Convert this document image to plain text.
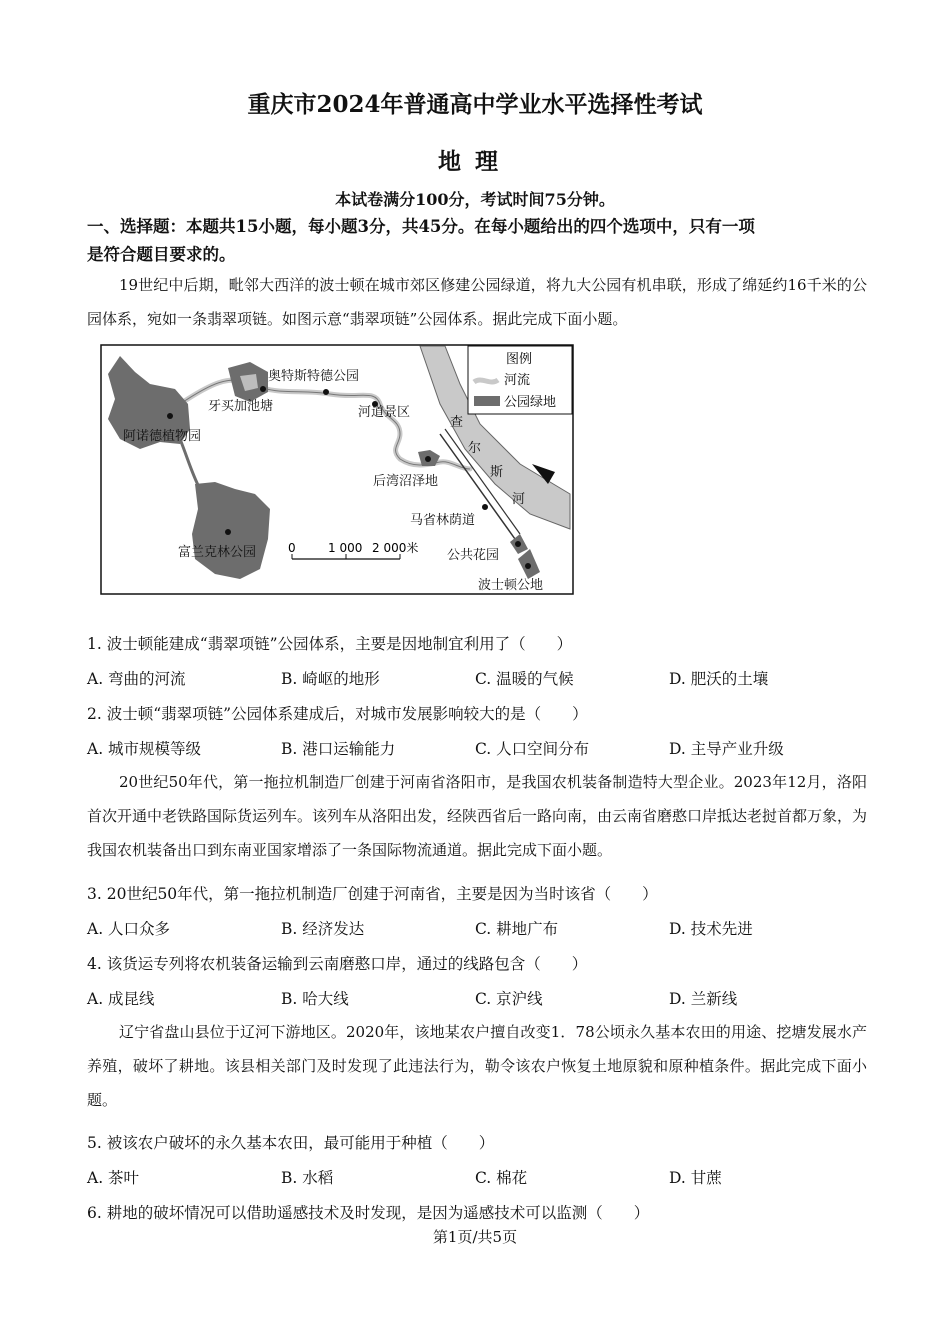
重庆市2024年普通高中学业水平选择性考试
地理
本试卷满分100分，考试时间75分钟。
一、选择题：本题共15小题，每小题3分，共45分。在每小题给出的四个选项中，只有一项
是符合题目要求的。
19世纪中后期，毗邻大西洋的波士顿在城市郊区修建公园绿道，将九大公园有机串联，形成了绵延约16千米的公园体系，宛如一条翡翠项链。如图示意“翡翠项链”公园体系。据此完成下面小题。
奥特斯特德公园
牙买加池塘
阿诺德植物园
河道景区
后湾沼泽地
富兰克林公园
马省林荫道
公共花园
波士顿公地
查
尔
斯
河
图例
河流
公园绿地
0	1 000 2 000米
1. 波士顿能建成“翡翠项链”公园体系，主要是因地制宜利用了（　　）
A. 弯曲的河流	B. 崎岖的地形	C. 温暖的气候	D. 肥沃的土壤
2. 波士顿“翡翠项链”公园体系建成后，对城市发展影响较大的是（　　）
A. 城市规模等级	B. 港口运输能力	C. 人口空间分布	D. 主导产业升级
20世纪50年代，第一拖拉机制造厂创建于河南省洛阳市，是我国农机装备制造特大型企业。2023年12月，洛阳首次开通中老铁路国际货运列车。该列车从洛阳出发，经陕西省后一路向南，由云南省磨憨口岸抵达老挝首都万象，为我国农机装备出口到东南亚国家增添了一条国际物流通道。据此完成下面小题。
3. 20世纪50年代，第一拖拉机制造厂创建于河南省，主要是因为当时该省（　　）
A. 人口众多	B. 经济发达	C. 耕地广布	D. 技术先进
4. 该货运专列将农机装备运输到云南磨憨口岸，通过的线路包含（　　）
A. 成昆线	B. 哈大线	C. 京沪线	D. 兰新线
辽宁省盘山县位于辽河下游地区。2020年，该地某农户擅自改变1．78公顷永久基本农田的用途、挖塘发展水产养殖，破坏了耕地。该县相关部门及时发现了此违法行为，勒令该农户恢复土地原貌和原种植条件。据此完成下面小题。
5. 被该农户破坏的永久基本农田，最可能用于种植（　　）
A. 茶叶	B. 水稻	C. 棉花	D. 甘蔗
6. 耕地的破坏情况可以借助遥感技术及时发现，是因为遥感技术可以监测（　　）
第1页/共5页
